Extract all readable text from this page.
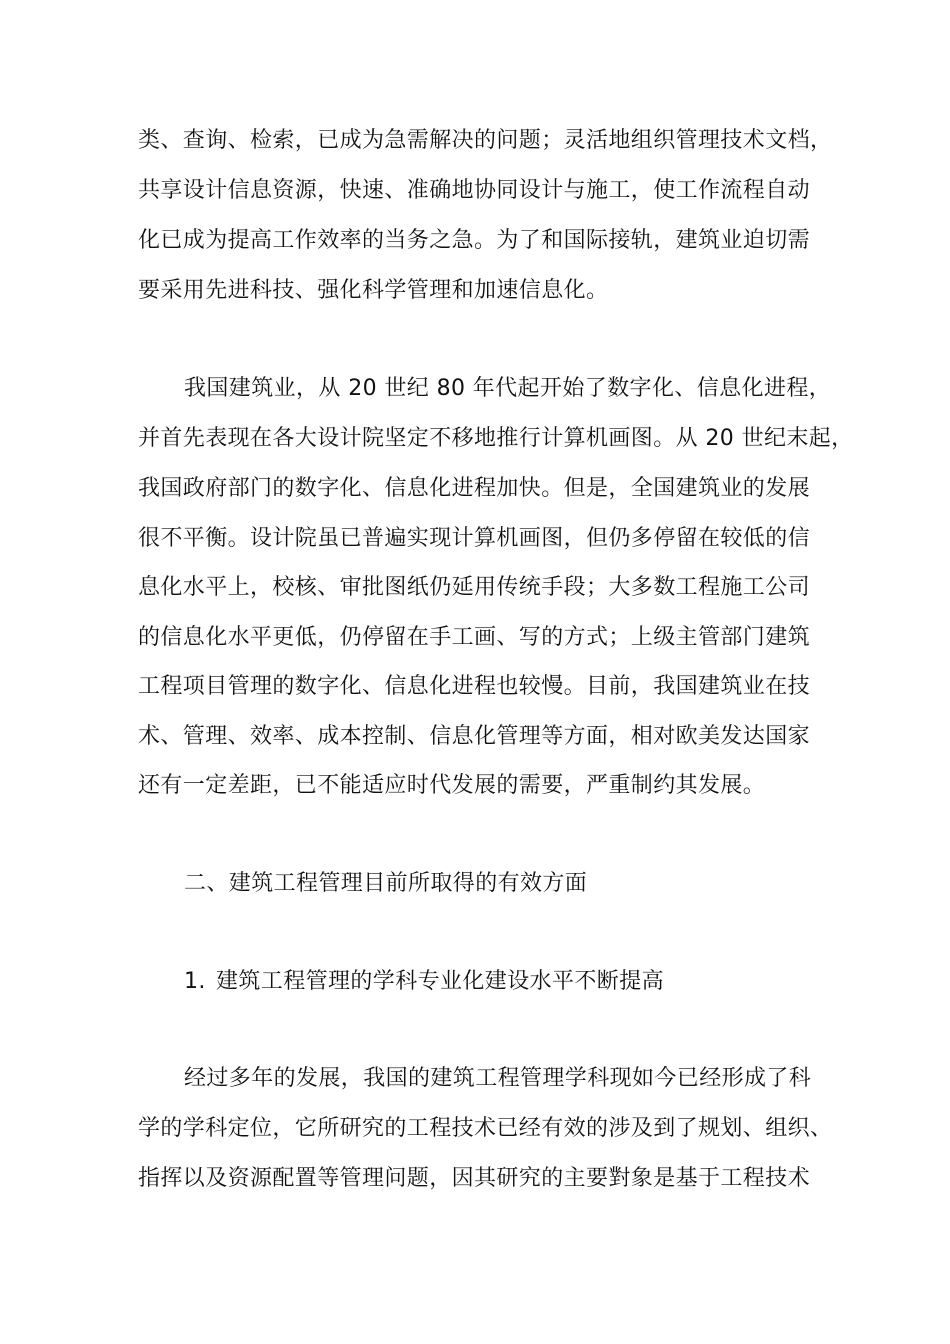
类、查询、检索，已成为急需解决的问题；灵活地组织管理技术文档，
共享设计信息资源，快速、准确地协同设计与施工，使工作流程自动
化已成为提高工作效率的当务之急。为了和国际接轨，建筑业迫切需
要采用先进科技、强化科学管理和加速信息化。
我国建筑业，从 20 世纪 80 年代起开始了数字化、信息化进程，
并首先表现在各大设计院坚定不移地推行计算机画图。从 20 世纪末起，
我国政府部门的数字化、信息化进程加快。但是，全国建筑业的发展
很不平衡。设计院虽已普遍实现计算机画图，但仍多停留在较低的信
息化水平上，校核、审批图纸仍延用传统手段；大多数工程施工公司
的信息化水平更低，仍停留在手工画、写的方式；上级主管部门建筑
工程项目管理的数字化、信息化进程也较慢。目前，我国建筑业在技
术、管理、效率、成本控制、信息化管理等方面，相对欧美发达国家
还有一定差距，已不能适应时代发展的需要，严重制约其发展。
二、建筑工程管理目前所取得的有效方面
1. 建筑工程管理的学科专业化建设水平不断提高
经过多年的发展，我国的建筑工程管理学科现如今已经形成了科
学的学科定位，它所研究的工程技术已经有效的涉及到了规划、组织、
指挥以及资源配置等管理问题，因其研究的主要對象是基于工程技术
